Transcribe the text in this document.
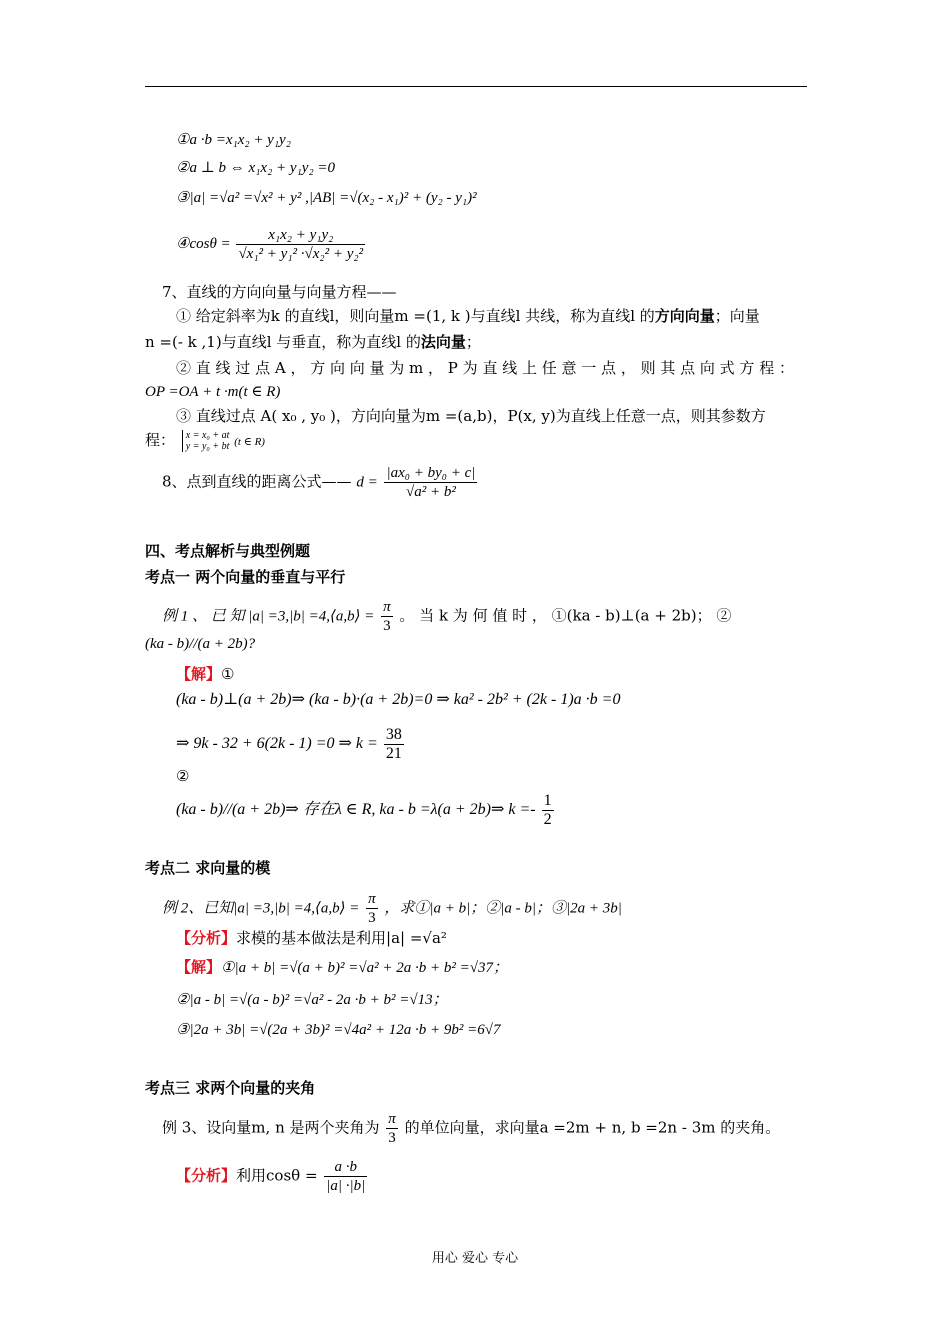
①a ·b =x₁x₂ + y₁y₂
②a ⊥ b ⇔ x₁x₂ + y₁y₂ =0
③|a| =√a² =√x² + y² ,|AB| =√(x₂ - x₁)² + (y₂ - y₁)²
④cosθ = $\frac{\text{x₁x₂ + y₁y₂}}{\text{√x₁² + y₁² ·√x₂² + y₂²}}$
7、直线的方向向量与向量方程——
① 给定斜率为k 的直线l，则向量m =(1, k )与直线l 共线，称为直线l 的方向向量；向量
n =(- k ,1)与直线l 与垂直，称为直线l 的法向量；
② 直 线 过 点 A ， 方 向 向 量 为 m ， P 为 直 线 上 任 意 一 点 ， 则 其 点 向 式 方 程 ：
OP =OA + t ·m(t ∈ R)
③ 直线过点 A( x₀ , y₀ )，方向向量为m =(a,b)，P(x, y)为直线上任意一点，则其参数方
程： x = x₀ + at
y = y₀ + bt (t ∈ R)
8、点到直线的距离公式—— $d = \frac{\text{|ax₀ + by₀ + c|}}{\text{√a² + b²}}$
四、考点解析与典型例题
考点一 两个向量的垂直与平行
例 1 、 已 知 |a| =3,|b| =4,⟨a,b⟩ = $\frac{\pi}{3}$ 。 当 k 为 何 值 时 ， ①(ka - b)⊥(a + 2b)； ②
(ka - b)//(a + 2b)?
【解】①
(ka - b)⊥(a + 2b)⇒ (ka - b)·(a + 2b)=0 ⇒ ka² - 2b² + (2k - 1)a ·b =0
⇒ 9k - 32 + 6(2k - 1) =0 ⇒ $k = \frac{38}{21}$
②
(ka - b)//(a + 2b)⇒ 存在λ ∈ R, ka - b =λ(a + 2b)⇒ $k =- \frac{1}{2}$
考点二 求向量的模
例 2、已知|a| =3,|b| =4,⟨a,b⟩ = $\frac{\pi}{3}$ ，求①|a + b|；②|a - b|；③|2a + 3b|
【分析】求模的基本做法是利用|a| =√a²
【解】①|a + b| =√(a + b)² =√a² + 2a ·b + b² =√37；
②|a - b| =√(a - b)² =√a² - 2a ·b + b² =√13；
③|2a + 3b| =√(2a + 3b)² =√4a² + 12a ·b + 9b² =6√7
考点三 求两个向量的夹角
例 3、设向量m, n 是两个夹角为 $\frac{\pi}{3}$ 的单位向量，求向量a =2m + n, b =2n - 3m 的夹角。
【分析】利用$\cos\theta = \frac{a \cdot b}{|a| \cdot|b|}$
用心 爱心 专心
